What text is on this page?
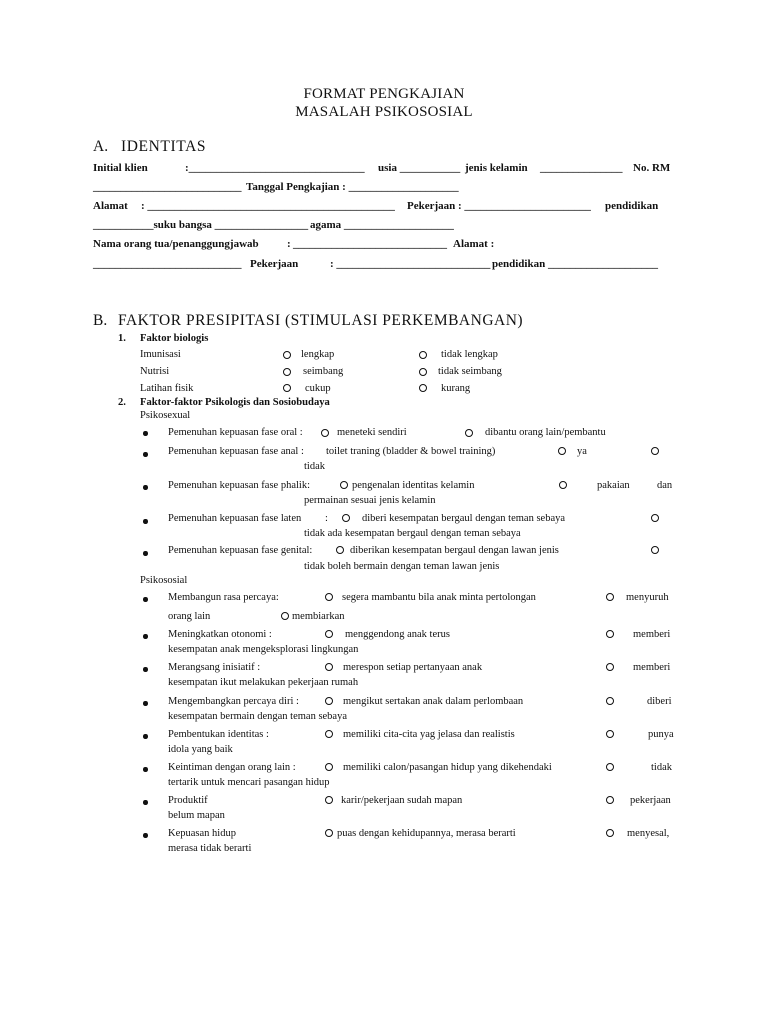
FORMAT PENGKAJIAN
MASALAH PSIKOSOSIAL
A. IDENTITAS
Initial klien	:________________________________ usia ___________ jenis kelamin _______________ No. RM
___________________________ Tanggal Pengkajian : ____________________
Alamat : _____________________________________________ Pekerjaan : _______________________ pendidikan
___________suku bangsa _________________ agama ____________________
Nama orang tua/penanggungjawab	: ____________________________ Alamat :
___________________________ Pekerjaan	: ____________________________ pendidikan ____________________
B. FAKTOR PRESIPITASI (STIMULASI PERKEMBANGAN)
1. Faktor biologis
Imunisasi	lengkap	tidak lengkap
Nutrisi	seimbang	tidak seimbang
Latihan fisik	cukup	kurang
2. Faktor-faktor Psikologis dan Sosiobudaya
Psikosexual
Pemenuhan kepuasan fase oral :	meneteki sendiri	dibantu orang lain/pembantu
Pemenuhan kepuasan fase anal : toilet traning (bladder & bowel training)	ya
tidak
Pemenuhan kepuasan fase phalik:	pengenalan identitas kelamin	pakaian	dan
permainan sesuai jenis kelamin
Pemenuhan kepuasan fase laten :	diberi kesempatan bergaul dengan teman sebaya
tidak ada kesempatan bergaul dengan teman sebaya
Pemenuhan kepuasan fase genital:	diberikan kesempatan bergaul dengan lawan jenis
tidak boleh bermain dengan teman lawan jenis
Psikososial
Membangun rasa percaya:	segera mambantu bila anak minta pertolongan	menyuruh
orang lain	membiarkan
Meningkatkan otonomi :	menggendong anak terus	memberi
kesempatan anak mengeksplorasi lingkungan
Merangsang inisiatif :	merespon setiap pertanyaan anak	memberi
kesempatan ikut melakukan pekerjaan rumah
Mengembangkan percaya diri :	mengikut sertakan anak dalam perlombaan	diberi
kesempatan bermain dengan teman sebaya
Pembentukan identitas :	memiliki cita-cita yag jelasa dan realistis	punya
idola yang baik
Keintiman dengan orang lain :	memiliki calon/pasangan hidup yang dikehendaki	tidak
tertarik untuk mencari pasangan hidup
Produktif	karir/pekerjaan sudah mapan	pekerjaan
belum mapan
Kepuasan hidup	puas dengan kehidupannya, merasa berarti	menyesal,
merasa tidak berarti
